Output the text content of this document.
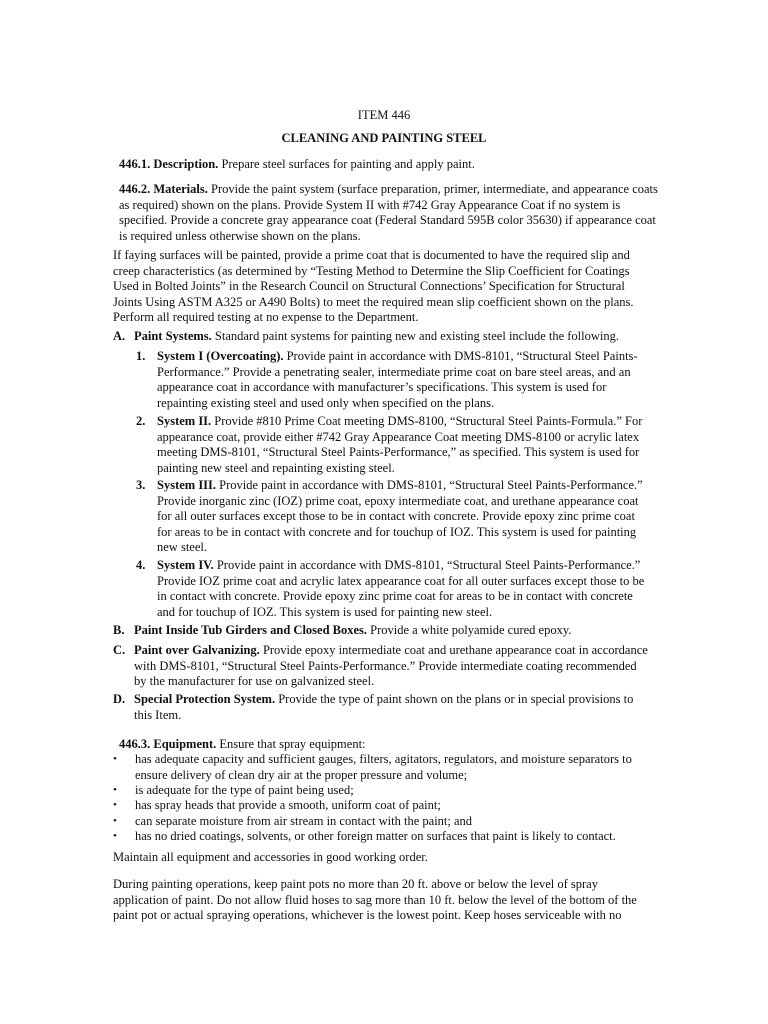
ITEM 446
CLEANING AND PAINTING STEEL
446.1. Description. Prepare steel surfaces for painting and apply paint.
446.2. Materials. Provide the paint system (surface preparation, primer, intermediate, and appearance coats as required) shown on the plans. Provide System II with #742 Gray Appearance Coat if no system is specified. Provide a concrete gray appearance coat (Federal Standard 595B color 35630) if appearance coat is required unless otherwise shown on the plans.
If faying surfaces will be painted, provide a prime coat that is documented to have the required slip and creep characteristics (as determined by “Testing Method to Determine the Slip Coefficient for Coatings Used in Bolted Joints” in the Research Council on Structural Connections’ Specification for Structural Joints Using ASTM A325 or A490 Bolts) to meet the required mean slip coefficient shown on the plans. Perform all required testing at no expense to the Department.
A. Paint Systems. Standard paint systems for painting new and existing steel include the following.
1. System I (Overcoating). Provide paint in accordance with DMS-8101, “Structural Steel Paints-Performance.” Provide a penetrating sealer, intermediate prime coat on bare steel areas, and an appearance coat in accordance with manufacturer’s specifications. This system is used for repainting existing steel and used only when specified on the plans.
2. System II. Provide #810 Prime Coat meeting DMS-8100, “Structural Steel Paints-Formula.” For appearance coat, provide either #742 Gray Appearance Coat meeting DMS-8100 or acrylic latex meeting DMS-8101, “Structural Steel Paints-Performance,” as specified. This system is used for painting new steel and repainting existing steel.
3. System III. Provide paint in accordance with DMS-8101, “Structural Steel Paints-Performance.” Provide inorganic zinc (IOZ) prime coat, epoxy intermediate coat, and urethane appearance coat for all outer surfaces except those to be in contact with concrete. Provide epoxy zinc prime coat for areas to be in contact with concrete and for touchup of IOZ. This system is used for painting new steel.
4. System IV. Provide paint in accordance with DMS-8101, “Structural Steel Paints-Performance.” Provide IOZ prime coat and acrylic latex appearance coat for all outer surfaces except those to be in contact with concrete. Provide epoxy zinc prime coat for areas to be in contact with concrete and for touchup of IOZ. This system is used for painting new steel.
B. Paint Inside Tub Girders and Closed Boxes. Provide a white polyamide cured epoxy.
C. Paint over Galvanizing. Provide epoxy intermediate coat and urethane appearance coat in accordance with DMS-8101, “Structural Steel Paints-Performance.” Provide intermediate coating recommended by the manufacturer for use on galvanized steel.
D. Special Protection System. Provide the type of paint shown on the plans or in special provisions to this Item.
446.3. Equipment. Ensure that spray equipment:
•	has adequate capacity and sufficient gauges, filters, agitators, regulators, and moisture separators to ensure delivery of clean dry air at the proper pressure and volume;
•	is adequate for the type of paint being used;
•	has spray heads that provide a smooth, uniform coat of paint;
•	can separate moisture from air stream in contact with the paint; and
•	has no dried coatings, solvents, or other foreign matter on surfaces that paint is likely to contact.
Maintain all equipment and accessories in good working order.
During painting operations, keep paint pots no more than 20 ft. above or below the level of spray application of paint. Do not allow fluid hoses to sag more than 10 ft. below the level of the bottom of the paint pot or actual spraying operations, whichever is the lowest point. Keep hoses serviceable with no
